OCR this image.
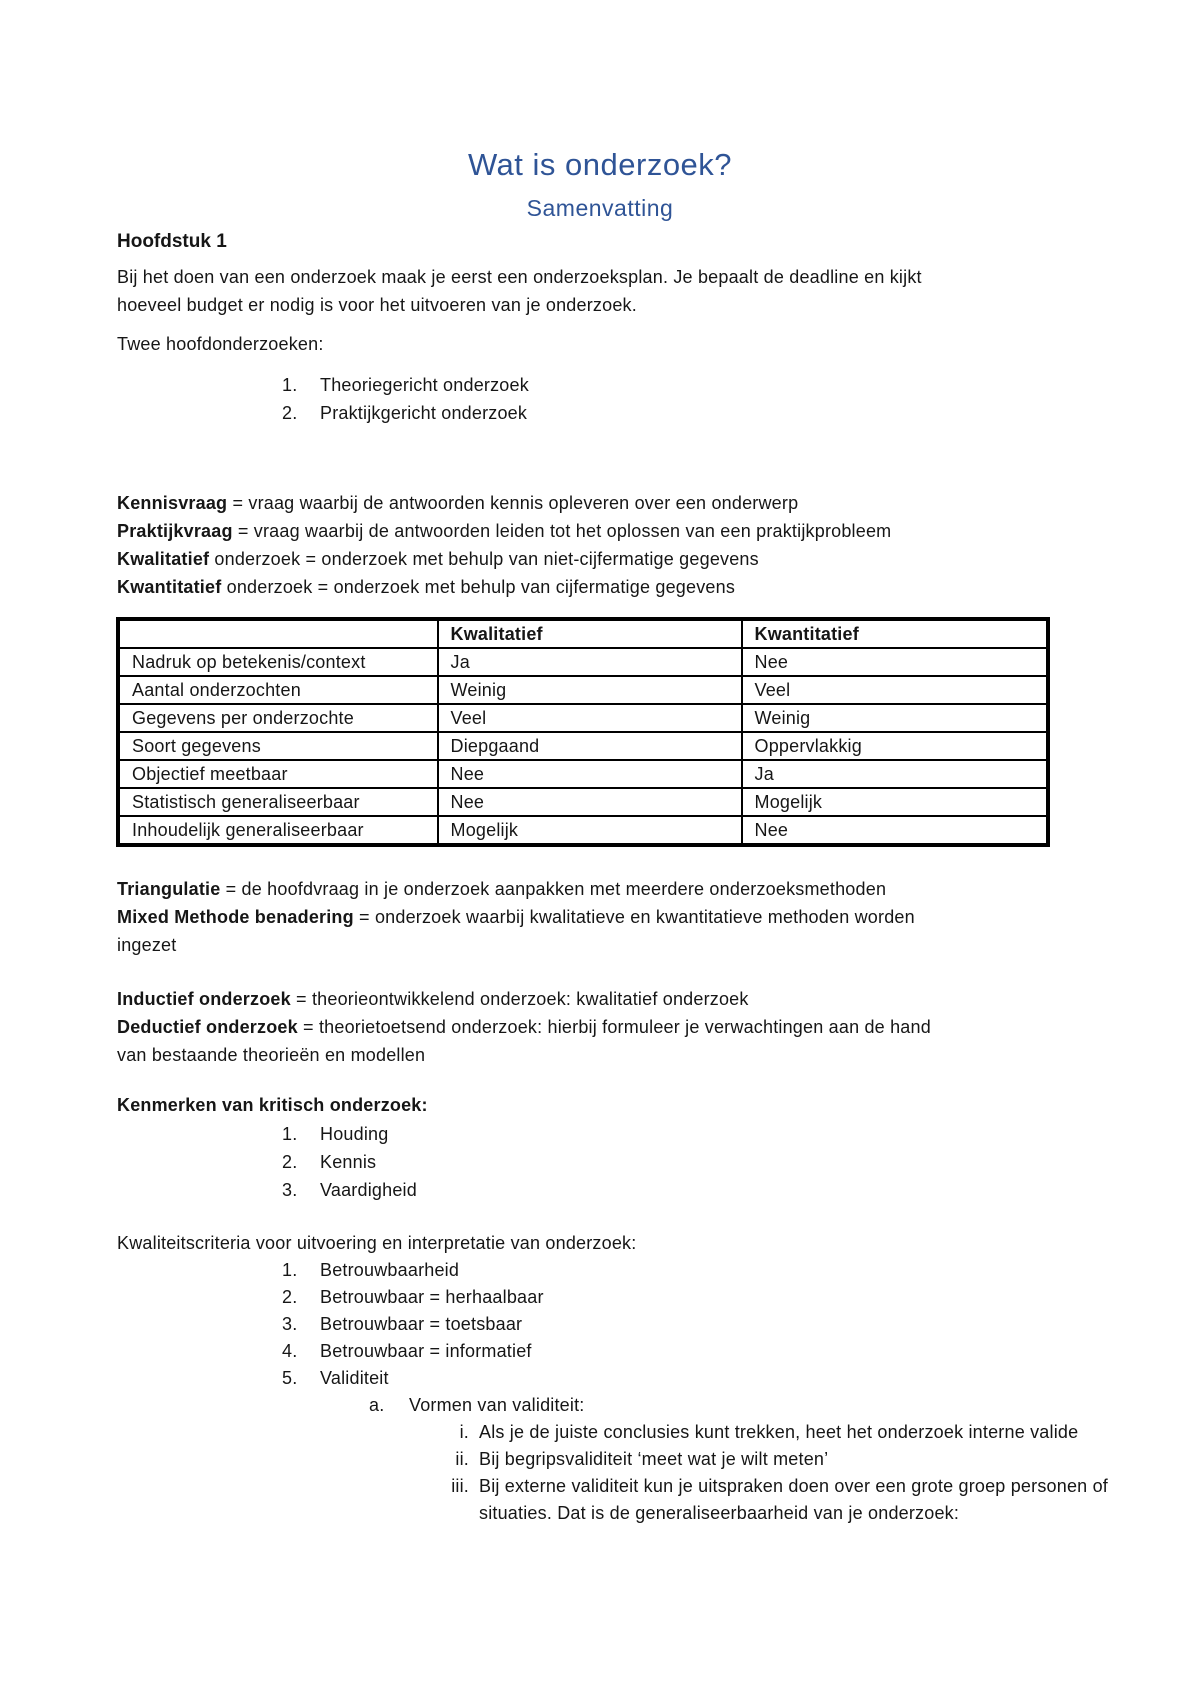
Wat is onderzoek?
Samenvatting
Hoofdstuk 1
Bij het doen van een onderzoek maak je eerst een onderzoeksplan. Je bepaalt de deadline en kijkt
hoeveel budget er nodig is voor het uitvoeren van je onderzoek.
Twee hoofdonderzoeken:
1.	Theoriegericht onderzoek
2.	Praktijkgericht onderzoek
Kennisvraag = vraag waarbij de antwoorden kennis opleveren over een onderwerp
Praktijkvraag = vraag waarbij de antwoorden leiden tot het oplossen van een praktijkprobleem
Kwalitatief onderzoek = onderzoek met behulp van niet-cijfermatige gegevens
Kwantitatief onderzoek = onderzoek met behulp van cijfermatige gegevens
	Kwalitatief	Kwantitatief
Nadruk op betekenis/context	Ja	Nee
Aantal onderzochten	Weinig	Veel
Gegevens per onderzochte	Veel	Weinig
Soort gegevens	Diepgaand	Oppervlakkig
Objectief meetbaar	Nee	Ja
Statistisch generaliseerbaar	Nee	Mogelijk
Inhoudelijk generaliseerbaar	Mogelijk	Nee
Triangulatie = de hoofdvraag in je onderzoek aanpakken met meerdere onderzoeksmethoden
Mixed Methode benadering = onderzoek waarbij kwalitatieve en kwantitatieve methoden worden
ingezet
Inductief onderzoek = theorieontwikkelend onderzoek: kwalitatief onderzoek
Deductief onderzoek = theorietoetsend onderzoek: hierbij formuleer je verwachtingen aan de hand
van bestaande theorieën en modellen
Kenmerken van kritisch onderzoek:
1.	Houding
2.	Kennis
3.	Vaardigheid
Kwaliteitscriteria voor uitvoering en interpretatie van onderzoek:
1.	Betrouwbaarheid
2.	Betrouwbaar = herhaalbaar
3.	Betrouwbaar = toetsbaar
4.	Betrouwbaar = informatief
5.	Validiteit
a.	Vormen van validiteit:
i. Als je de juiste conclusies kunt trekken, heet het onderzoek interne valide
ii. Bij begripsvaliditeit ‘meet wat je wilt meten’
iii. Bij externe validiteit kun je uitspraken doen over een grote groep personen of
situaties. Dat is de generaliseerbaarheid van je onderzoek:
